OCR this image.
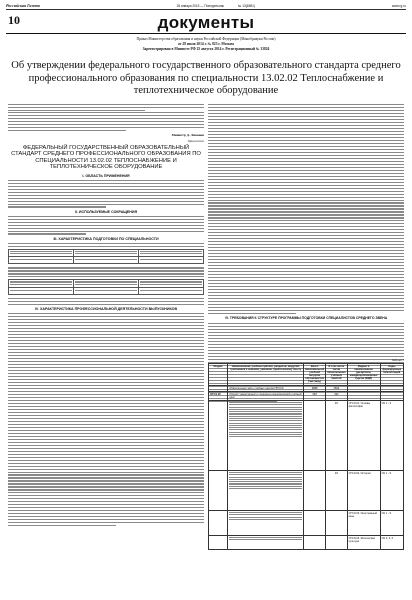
Российская Газета	26 января 2015 — Понедельник	№ 13(6581)	www.rg.ru
10	документы
Приказ Министерства образования и науки Российской Федерации (Минобрнауки России)
от 28 июля 2014 г. № 823 г. Москва
Зарегистрирован в Минюсте РФ 25 августа 2014 г. Регистрационный № 33824
Об утверждении федерального государственного образовательного стандарта среднего профессионального образования по специальности 13.02.02 Теплоснабжение и теплотехническое оборудование
Министр Д. Ливанов
Приложение
ФЕДЕРАЛЬНЫЙ ГОСУДАРСТВЕННЫЙ ОБРАЗОВАТЕЛЬНЫЙ СТАНДАРТ СРЕДНЕГО ПРОФЕССИОНАЛЬНОГО ОБРАЗОВАНИЯ ПО СПЕЦИАЛЬНОСТИ 13.02.02 ТЕПЛОСНАБЖЕНИЕ И ТЕПЛОТЕХНИЧЕСКОЕ ОБОРУДОВАНИЕ
I. ОБЛАСТЬ ПРИМЕНЕНИЯ
II. ИСПОЛЬЗУЕМЫЕ СОКРАЩЕНИЯ
III. ХАРАКТЕРИСТИКА ПОДГОТОВКИ ПО СПЕЦИАЛЬНОСТИ

IV. ХАРАКТЕРИСТИКА ПРОФЕССИОНАЛЬНОЙ ДЕЯТЕЛЬНОСТИ ВЫПУСКНИКОВ
VI. ТРЕБОВАНИЯ К СТРУКТУРЕ ПРОГРАММЫ ПОДГОТОВКИ СПЕЦИАЛИСТОВ СРЕДНЕГО ЗВЕНА
Таблица 3
Индекс	Наименование учебных циклов, разделов, модулей, требования к знаниям, умениям, практическому опыту	Всего максимальной учебной нагрузки обучающегося (час./нед.)	В том числе часов обязательных учебных занятий	Индекс и наименование дисциплин, междисциплинарных курсов (МДК)	Коды формируемых компетенций
	Обязательная часть учебных циклов ППССЗ	3888	2592		
ОГСЭ.00	Общий гуманитарный и социально-экономический учебный цикл	648	432		

		48	ОГСЭ.01. Основы философии	ОК 1 - 9

		48	ОГСЭ.02. История	ОК 1 - 9

			ОГСЭ.03. Иностранный язык	ОК 1 - 9

			ОГСЭ.04. Физическая культура	ОК 2, 3, 6
